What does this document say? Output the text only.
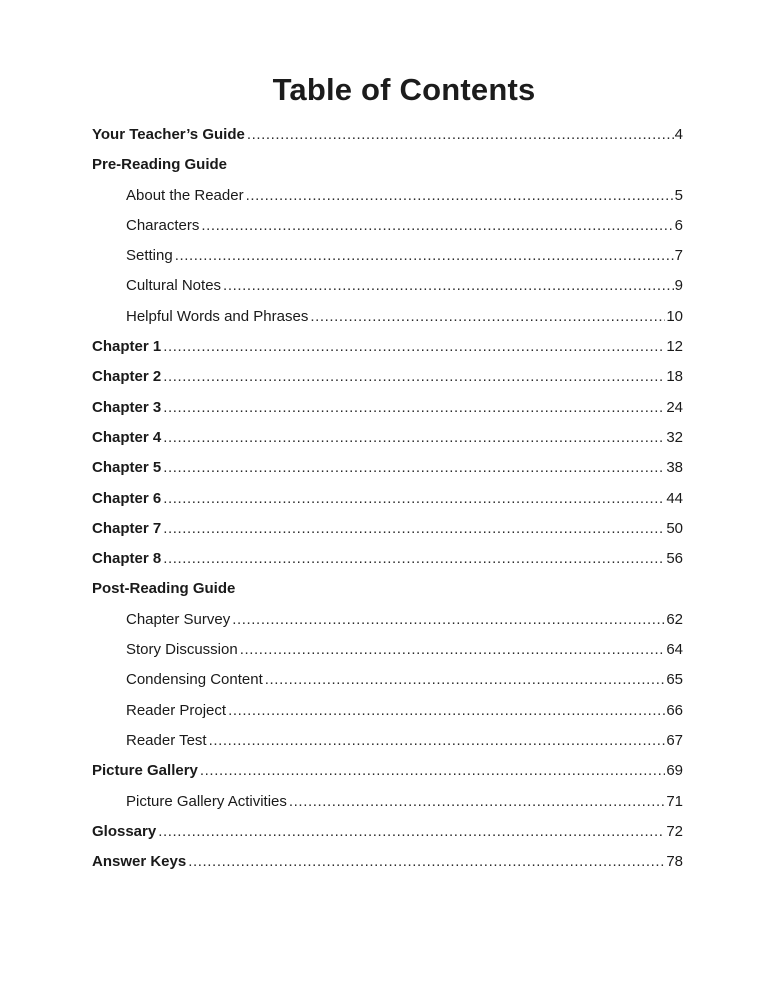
Table of Contents
Your Teacher’s Guide .....	4
Pre-Reading Guide
About the Reader .....	5
Characters .....	6
Setting .....	7
Cultural Notes .....	9
Helpful Words and Phrases .....	10
Chapter 1 .....	12
Chapter 2 .....	18
Chapter 3 .....	24
Chapter 4 .....	32
Chapter 5 .....	38
Chapter 6 .....	44
Chapter 7 .....	50
Chapter 8 .....	56
Post-Reading Guide
Chapter Survey .....	62
Story Discussion .....	64
Condensing Content .....	65
Reader Project .....	66
Reader Test .....	67
Picture Gallery .....	69
Picture Gallery Activities .....	71
Glossary .....	72
Answer Keys .....	78
